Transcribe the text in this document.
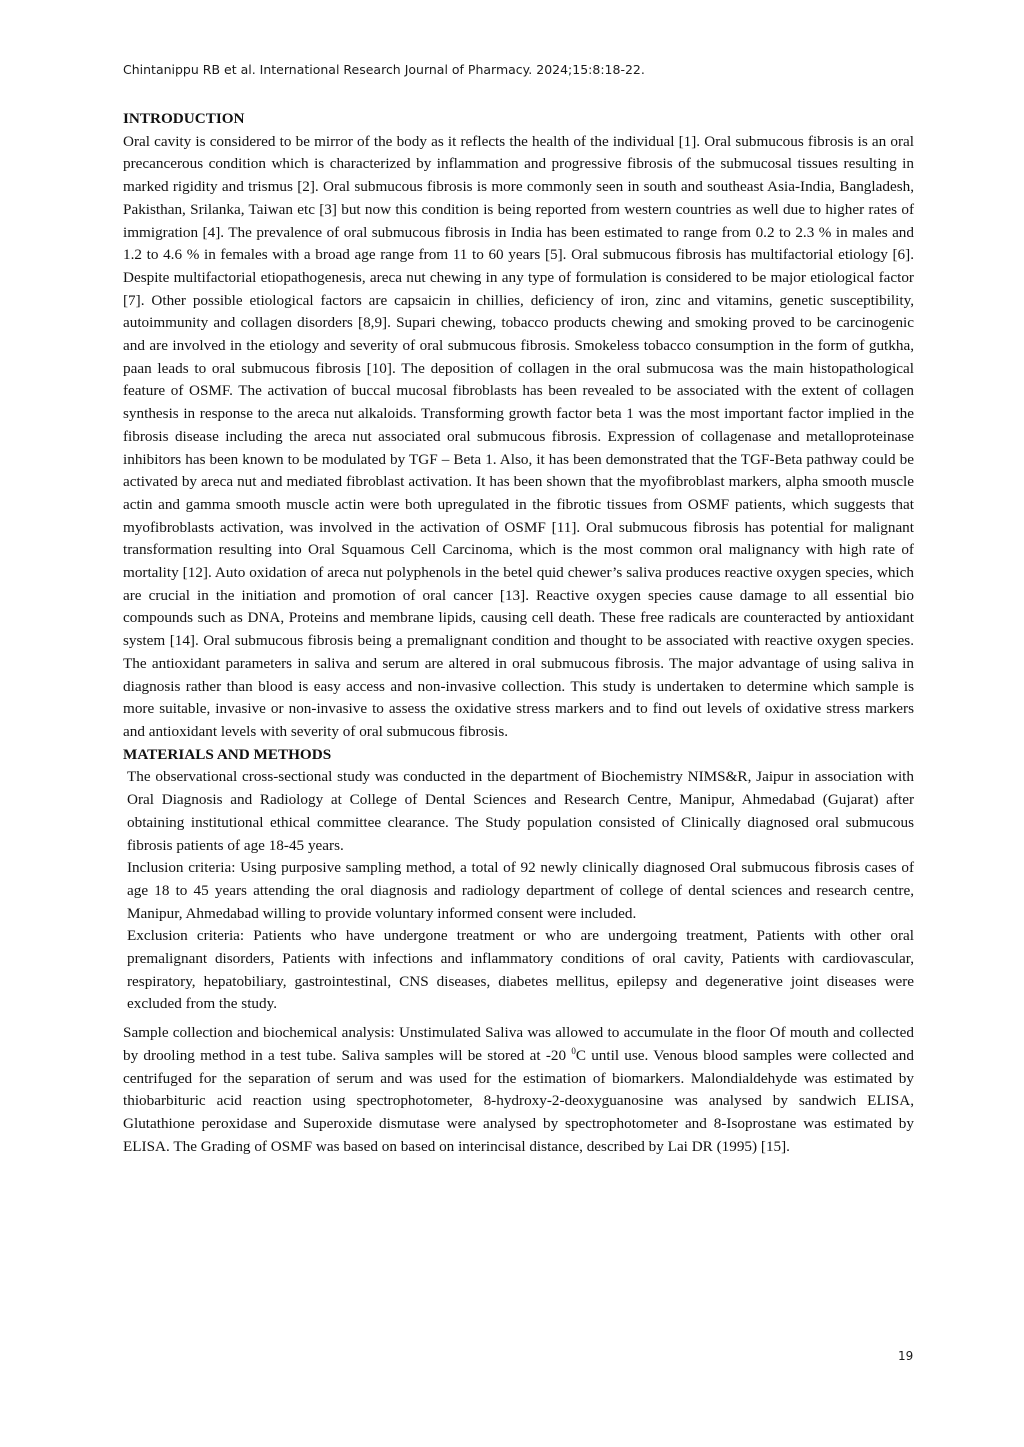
Chintanippu RB et al. International Research Journal of Pharmacy. 2024;15:8:18-22.
INTRODUCTION

Oral cavity is considered to be mirror of the body as it reflects the health of the individual [1]. Oral submucous fibrosis is an oral precancerous condition which is characterized by inflammation and progressive fibrosis of the submucosal tissues resulting in marked rigidity and trismus [2]. Oral submucous fibrosis is more commonly seen in south and southeast Asia-India, Bangladesh, Pakisthan, Srilanka, Taiwan etc [3] but now this condition is being reported from western countries as well due to higher rates of immigration [4]. The prevalence of oral submucous fibrosis in India has been estimated to range from 0.2 to 2.3 % in males and 1.2 to 4.6 % in females with a broad age range from 11 to 60 years [5]. Oral submucous fibrosis has multifactorial etiology [6]. Despite multifactorial etiopathogenesis, areca nut chewing in any type of formulation is considered to be major etiological factor [7]. Other possible etiological factors are capsaicin in chillies, deficiency of iron, zinc and vitamins, genetic susceptibility, autoimmunity and collagen disorders [8,9]. Supari chewing, tobacco products chewing and smoking proved to be carcinogenic and are involved in the etiology and severity of oral submucous fibrosis. Smokeless tobacco consumption in the form of gutkha, paan leads to oral submucous fibrosis [10]. The deposition of collagen in the oral submucosa was the main histopathological feature of OSMF. The activation of buccal mucosal fibroblasts has been revealed to be associated with the extent of collagen synthesis in response to the areca nut alkaloids. Transforming growth factor beta 1 was the most important factor implied in the fibrosis disease including the areca nut associated oral submucous fibrosis. Expression of collagenase and metalloproteinase inhibitors has been known to be modulated by TGF – Beta 1. Also, it has been demonstrated that the TGF-Beta pathway could be activated by areca nut and mediated fibroblast activation. It has been shown that the myofibroblast markers, alpha smooth muscle actin and gamma smooth muscle actin were both upregulated in the fibrotic tissues from OSMF patients, which suggests that myofibroblasts activation, was involved in the activation of OSMF [11]. Oral submucous fibrosis has potential for malignant transformation resulting into Oral Squamous Cell Carcinoma, which is the most common oral malignancy with high rate of mortality [12]. Auto oxidation of areca nut polyphenols in the betel quid chewer’s saliva produces reactive oxygen species, which are crucial in the initiation and promotion of oral cancer [13]. Reactive oxygen species cause damage to all essential bio compounds such as DNA, Proteins and membrane lipids, causing cell death. These free radicals are counteracted by antioxidant system [14]. Oral submucous fibrosis being a premalignant condition and thought to be associated with reactive oxygen species. The antioxidant parameters in saliva and serum are altered in oral submucous fibrosis. The major advantage of using saliva in diagnosis rather than blood is easy access and non-invasive collection. This study is undertaken to determine which sample is more suitable, invasive or non-invasive to assess the oxidative stress markers and to find out levels of oxidative stress markers and antioxidant levels with severity of oral submucous fibrosis.

MATERIALS AND METHODS

The observational cross-sectional study was conducted in the department of Biochemistry NIMS&R, Jaipur in association with Oral Diagnosis and Radiology at College of Dental Sciences and Research Centre, Manipur, Ahmedabad (Gujarat) after obtaining institutional ethical committee clearance. The Study population consisted of Clinically diagnosed oral submucous fibrosis patients of age 18-45 years.

Inclusion criteria: Using purposive sampling method, a total of 92 newly clinically diagnosed Oral submucous fibrosis cases of age 18 to 45 years attending the oral diagnosis and radiology department of college of dental sciences and research centre, Manipur, Ahmedabad willing to provide voluntary informed consent were included.

Exclusion criteria: Patients who have undergone treatment or who are undergoing treatment, Patients with other oral premalignant disorders, Patients with infections and inflammatory conditions of oral cavity, Patients with cardiovascular, respiratory, hepatobiliary, gastrointestinal, CNS diseases, diabetes mellitus, epilepsy and degenerative joint diseases were excluded from the study.

Sample collection and biochemical analysis: Unstimulated Saliva was allowed to accumulate in the floor Of mouth and collected by drooling method in a test tube. Saliva samples will be stored at -20 $^0$C until use. Venous blood samples were collected and centrifuged for the separation of serum and was used for the estimation of biomarkers. Malondialdehyde was estimated by thiobarbituric acid reaction using spectrophotometer, 8-hydroxy-2-deoxyguanosine was analysed by sandwich ELISA, Glutathione peroxidase and Superoxide dismutase were analysed by spectrophotometer and 8-Isoprostane was estimated by ELISA. The Grading of OSMF was based on based on interincisal distance, described by Lai DR (1995) [15].

19
